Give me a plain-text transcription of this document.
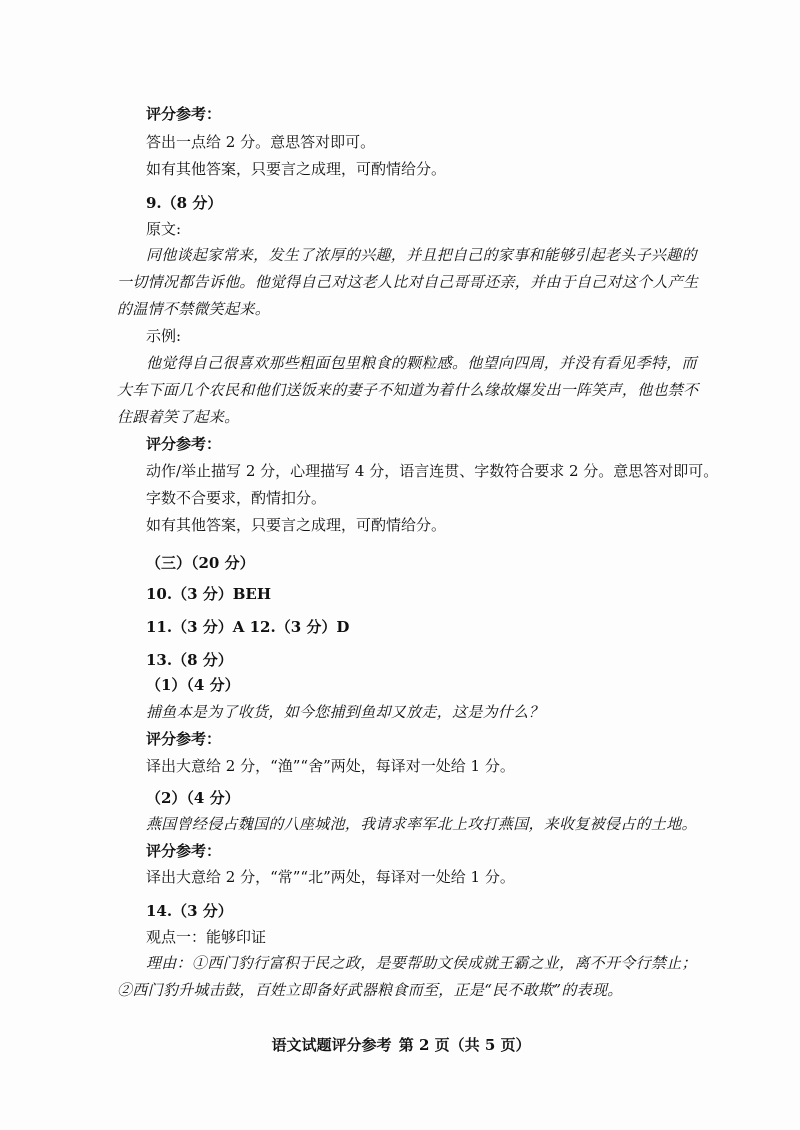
评分参考：
答出一点给 2 分。意思答对即可。
如有其他答案，只要言之成理，可酌情给分。
9.（8 分）
原文:
同他谈起家常来，发生了浓厚的兴趣，并且把自己的家事和能够引起老头子兴趣的
一切情况都告诉他。他觉得自己对这老人比对自己哥哥还亲，并由于自己对这个人产生
的温情不禁微笑起来。
示例:
他觉得自己很喜欢那些粗面包里粮食的颗粒感。他望向四周，并没有看见季特，而
大车下面几个农民和他们送饭来的妻子不知道为着什么缘故爆发出一阵笑声，他也禁不
住跟着笑了起来。
评分参考：
动作/举止描写 2 分，心理描写 4 分，语言连贯、字数符合要求 2 分。意思答对即可。
字数不合要求，酌情扣分。
如有其他答案，只要言之成理，可酌情给分。
（三）（20 分）
10.（3 分）BEH
11.（3 分）A 12.（3 分）D
13.（8 分）
（1）（4 分）
捕鱼本是为了收货，如今您捕到鱼却又放走，这是为什么？
评分参考：
译出大意给 2 分，“渔”“舍”两处，每译对一处给 1 分。
（2）（4 分）
燕国曾经侵占魏国的八座城池，我请求率军北上攻打燕国，来收复被侵占的土地。
评分参考：
译出大意给 2 分，“常”“北”两处，每译对一处给 1 分。
14.（3 分）
观点一：能够印证
理由：①西门豹行富积于民之政，是要帮助文侯成就王霸之业，离不开令行禁止；
②西门豹升城击鼓，百姓立即备好武器粮食而至，正是“民不敢欺”的表现。
语文试题评分参考 第 2 页（共 5 页）
